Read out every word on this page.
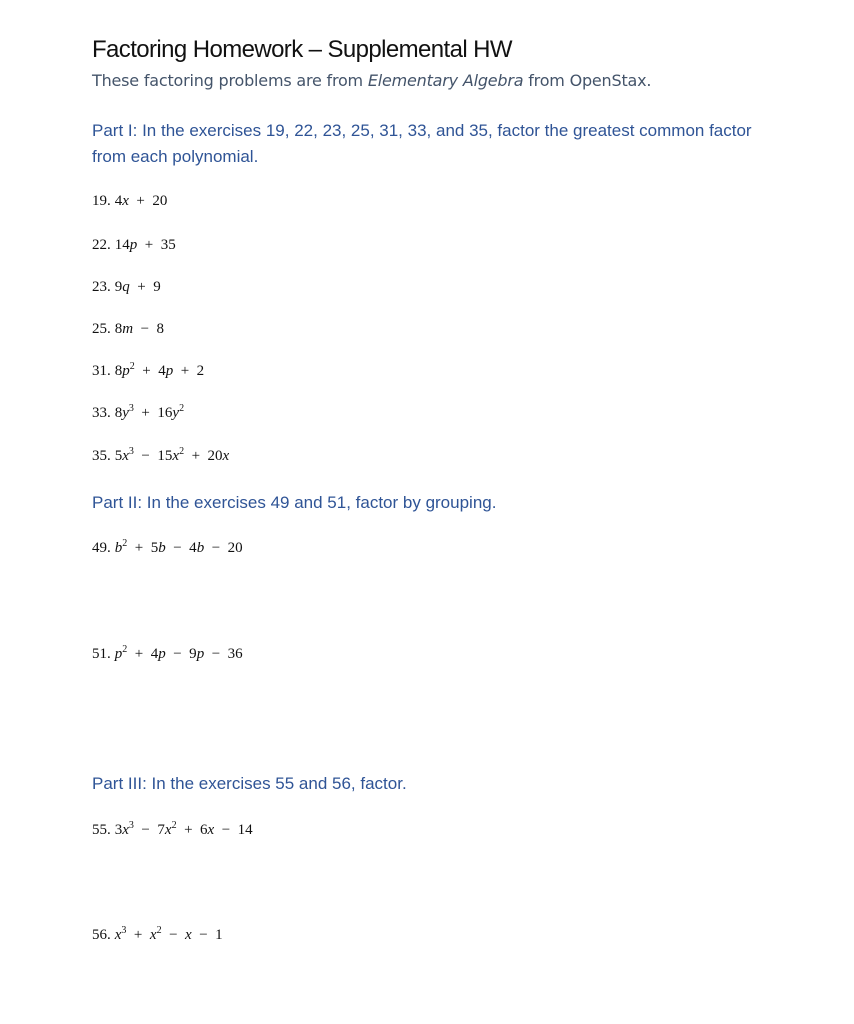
Factoring Homework – Supplemental HW
These factoring problems are from Elementary Algebra from OpenStax.
Part I: In the exercises 19, 22, 23, 25, 31, 33, and 35, factor the greatest common factor from each polynomial.
19. 4x  +  20
22. 14p  +  35
23. 9q  +  9
25. 8m  −  8
31. $8p^2 + 4p + 2$
33. $8y^3 + 16y^2$
35. $5x^3 - 15x^2 + 20x$
Part II: In the exercises 49 and 51, factor by grouping.
49. $b^2 + 5b - 4b - 20$
51. $p^2 + 4p - 9p - 36$
Part III: In the exercises 55 and 56, factor.
55. $3x^3 - 7x^2 + 6x - 14$
56. $x^3 + x^2 - x - 1$
